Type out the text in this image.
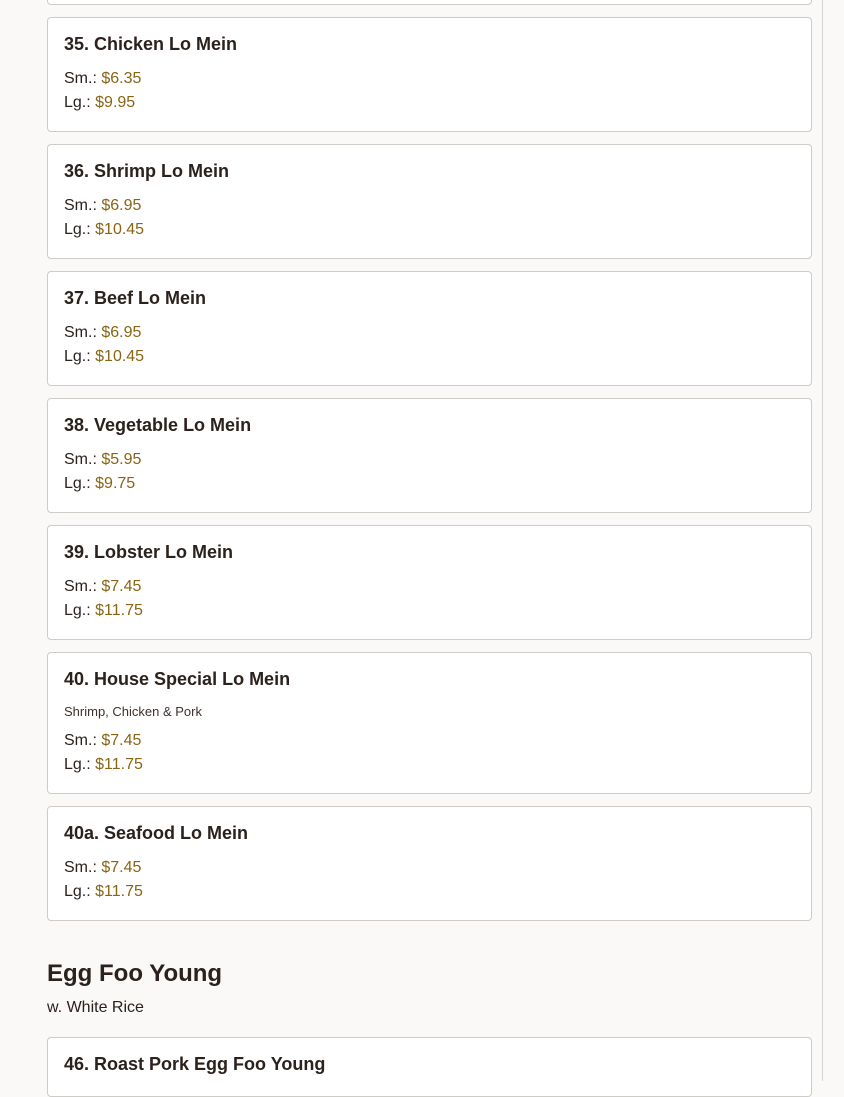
35. Chicken Lo Mein
Sm.: $6.35
Lg.: $9.95
36. Shrimp Lo Mein
Sm.: $6.95
Lg.: $10.45
37. Beef Lo Mein
Sm.: $6.95
Lg.: $10.45
38. Vegetable Lo Mein
Sm.: $5.95
Lg.: $9.75
39. Lobster Lo Mein
Sm.: $7.45
Lg.: $11.75
40. House Special Lo Mein
Shrimp, Chicken & Pork
Sm.: $7.45
Lg.: $11.75
40a. Seafood Lo Mein
Sm.: $7.45
Lg.: $11.75
Egg Foo Young
w. White Rice
46. Roast Pork Egg Foo Young
